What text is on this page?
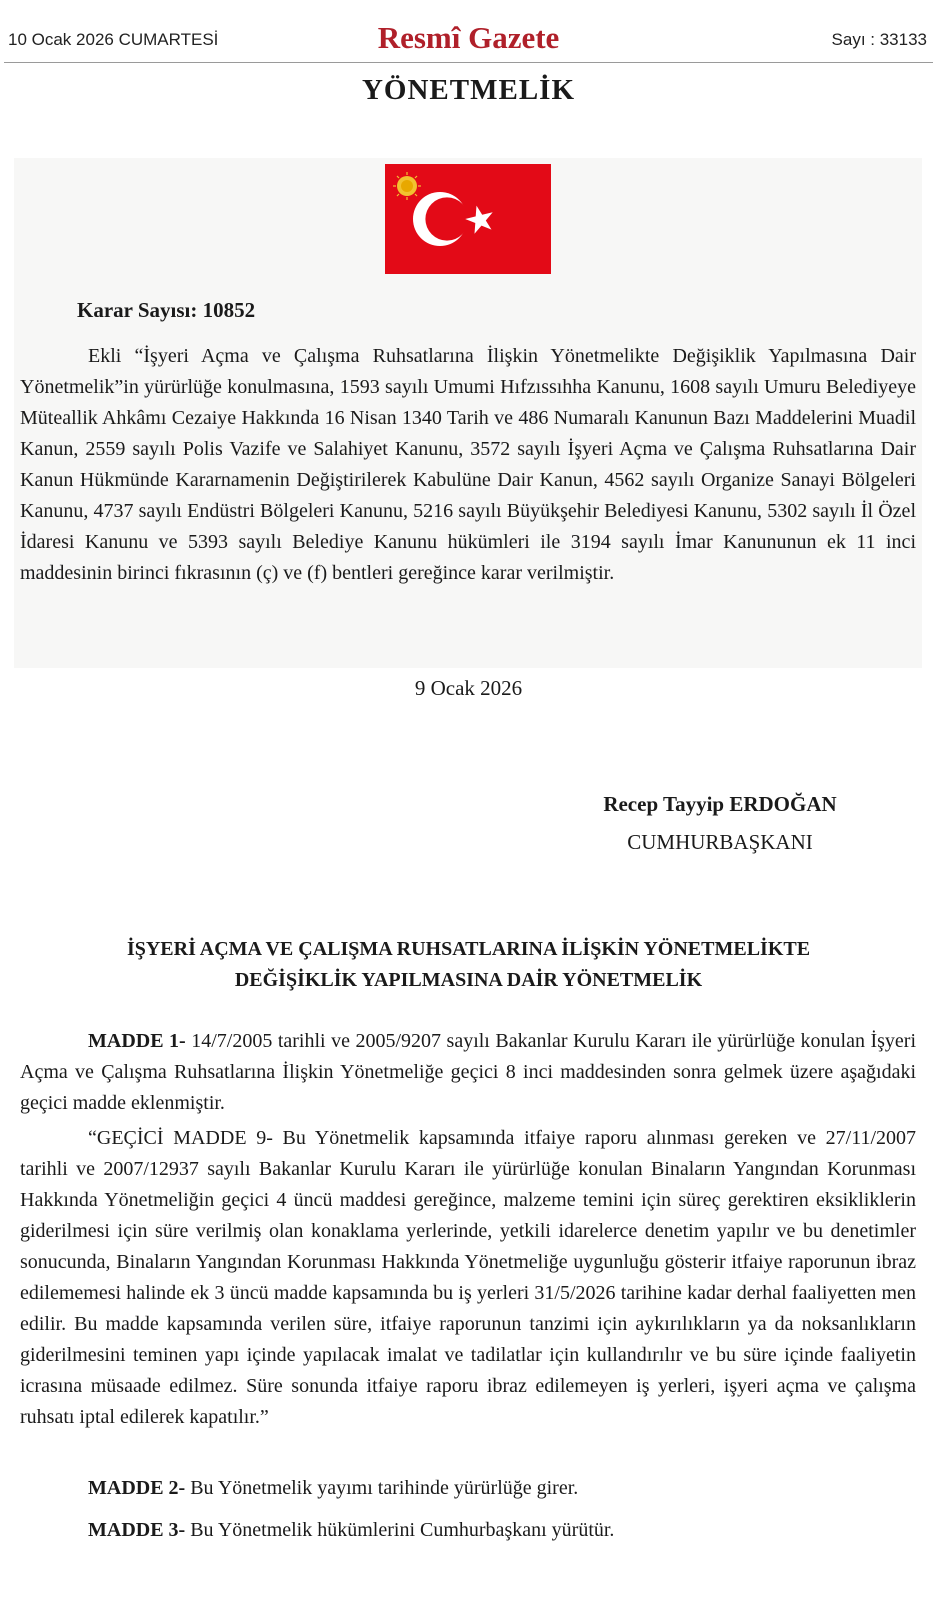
10 Ocak 2026 CUMARTESİ	Resmî Gazete	Sayı : 33133
YÖNETMELİK
Karar Sayısı: 10852
Ekli “İşyeri Açma ve Çalışma Ruhsatlarına İlişkin Yönetmelikte Değişiklik Yapılmasına Dair Yönetmelik”in yürürlüğe konulmasına, 1593 sayılı Umumi Hıfzıssıhha Kanunu, 1608 sayılı Umuru Belediyeye Müteallik Ahkâmı Cezaiye Hakkında 16 Nisan 1340 Tarih ve 486 Numaralı Kanunun Bazı Maddelerini Muadil Kanun, 2559 sayılı Polis Vazife ve Salahiyet Kanunu, 3572 sayılı İşyeri Açma ve Çalışma Ruhsatlarına Dair Kanun Hükmünde Kararnamenin Değiştirilerek Kabulüne Dair Kanun, 4562 sayılı Organize Sanayi Bölgeleri Kanunu, 4737 sayılı Endüstri Bölgeleri Kanunu, 5216 sayılı Büyükşehir Belediyesi Kanunu, 5302 sayılı İl Özel İdaresi Kanunu ve 5393 sayılı Belediye Kanunu hükümleri ile 3194 sayılı İmar Kanununun ek 11 inci maddesinin birinci fıkrasının (ç) ve (f) bentleri gereğince karar verilmiştir.
9 Ocak 2026
Recep Tayyip ERDOĞAN
CUMHURBAŞKANI
İŞYERİ AÇMA VE ÇALIŞMA RUHSATLARINA İLİŞKİN YÖNETMELİKTE
DEĞİŞİKLİK YAPILMASINA DAİR YÖNETMELİK
MADDE 1- 14/7/2005 tarihli ve 2005/9207 sayılı Bakanlar Kurulu Kararı ile yürürlüğe konulan İşyeri Açma ve Çalışma Ruhsatlarına İlişkin Yönetmeliğe geçici 8 inci maddesinden sonra gelmek üzere aşağıdaki geçici madde eklenmiştir.
“GEÇİCİ MADDE 9- Bu Yönetmelik kapsamında itfaiye raporu alınması gereken ve 27/11/2007 tarihli ve 2007/12937 sayılı Bakanlar Kurulu Kararı ile yürürlüğe konulan Binaların Yangından Korunması Hakkında Yönetmeliğin geçici 4 üncü maddesi gereğince, malzeme temini için süreç gerektiren eksikliklerin giderilmesi için süre verilmiş olan konaklama yerlerinde, yetkili idarelerce denetim yapılır ve bu denetimler sonucunda, Binaların Yangından Korunması Hakkında Yönetmeliğe uygunluğu gösterir itfaiye raporunun ibraz edilememesi halinde ek 3 üncü madde kapsamında bu iş yerleri 31/5/2026 tarihine kadar derhal faaliyetten men edilir. Bu madde kapsamında verilen süre, itfaiye raporunun tanzimi için aykırılıkların ya da noksanlıkların giderilmesini teminen yapı içinde yapılacak imalat ve tadilatlar için kullandırılır ve bu süre içinde faaliyetin icrasına müsaade edilmez. Süre sonunda itfaiye raporu ibraz edilemeyen iş yerleri, işyeri açma ve çalışma ruhsatı iptal edilerek kapatılır.”
MADDE 2- Bu Yönetmelik yayımı tarihinde yürürlüğe girer.
MADDE 3- Bu Yönetmelik hükümlerini Cumhurbaşkanı yürütür.
